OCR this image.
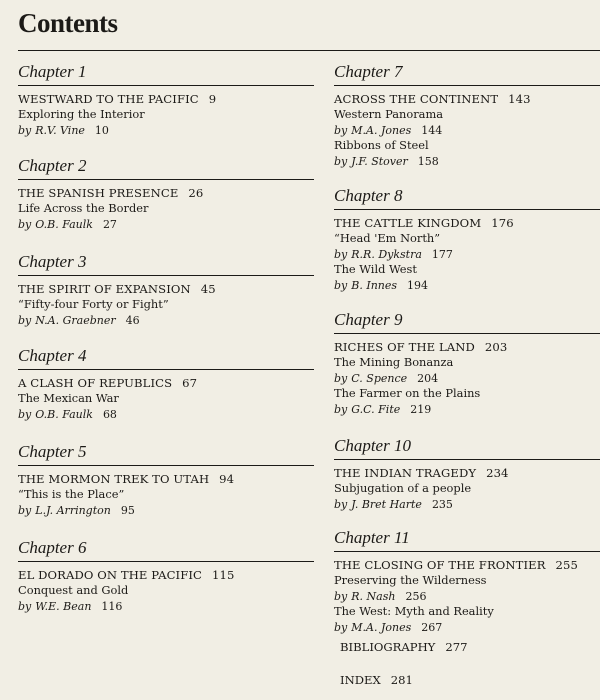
Contents
Chapter 1
WESTWARD TO THE PACIFIC 9
Exploring the Interior
by R.V. Vine 10
Chapter 2
THE SPANISH PRESENCE 26
Life Across the Border
by O.B. Faulk 27
Chapter 3
THE SPIRIT OF EXPANSION 45
“Fifty-four Forty or Fight”
by N.A. Graebner 46
Chapter 4
A CLASH OF REPUBLICS 67
The Mexican War
by O.B. Faulk 68
Chapter 5
THE MORMON TREK TO UTAH 94
“This is the Place”
by L.J. Arrington 95
Chapter 6
EL DORADO ON THE PACIFIC 115
Conquest and Gold
by W.E. Bean 116
BIBLIOGRAPHY 277
INDEX 281
Chapter 7
ACROSS THE CONTINENT 143
Western Panorama
by M.A. Jones 144
Ribbons of Steel
by J.F. Stover 158
Chapter 8
THE CATTLE KINGDOM 176
“Head 'Em North”
by R.R. Dykstra 177
The Wild West
by B. Innes 194
Chapter 9
RICHES OF THE LAND 203
The Mining Bonanza
by C. Spence 204
The Farmer on the Plains
by G.C. Fite 219
Chapter 10
THE INDIAN TRAGEDY 234
Subjugation of a people
by J. Bret Harte 235
Chapter 11
THE CLOSING OF THE FRONTIER 255
Preserving the Wilderness
by R. Nash 256
The West: Myth and Reality
by M.A. Jones 267
